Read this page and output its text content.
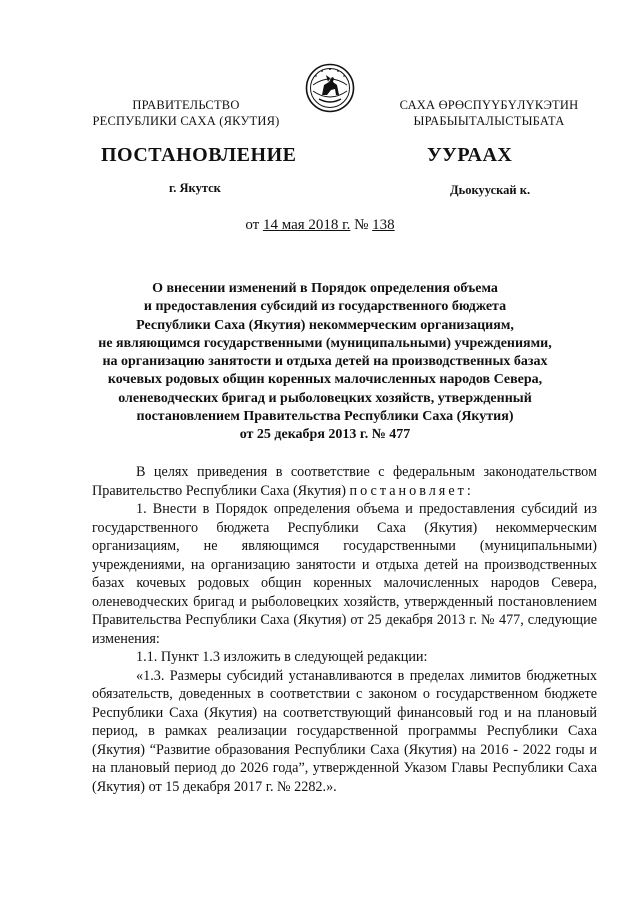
ПРАВИТЕЛЬСТВО
РЕСПУБЛИКИ САХА (ЯКУТИЯ)
САХА ӨРӨСПҮҮБҮЛҮКЭТИН
ЫРАБЫЫТАЛЫСТЫБАТА
ПОСТАНОВЛЕНИЕ	УУРААХ
г. Якутск	Дьокуускай к.
от 14 мая 2018 г. № 138
О внесении изменений в Порядок определения объема
и предоставления субсидий из государственного бюджета
Республики Саха (Якутия) некоммерческим организациям,
не являющимся государственными (муниципальными) учреждениями,
на организацию занятости и отдыха детей на производственных базах
кочевых родовых общин коренных малочисленных народов Севера,
оленеводческих бригад и рыболовецких хозяйств, утвержденный
постановлением Правительства Республики Саха (Якутия)
от 25 декабря 2013 г. № 477

В целях приведения в соответствие с федеральным законодательством Правительство Республики Саха (Якутия) постановляет:

1. Внести в Порядок определения объема и предоставления субсидий из государственного бюджета Республики Саха (Якутия) некоммерческим организациям, не являющимся государственными (муниципальными) учреждениями, на организацию занятости и отдыха детей на производственных базах кочевых родовых общин коренных малочисленных народов Севера, оленеводческих бригад и рыболовецких хозяйств, утвержденный постановлением Правительства Республики Саха (Якутия) от 25 декабря 2013 г. № 477, следующие изменения:

1.1. Пункт 1.3 изложить в следующей редакции:

«1.3. Размеры субсидий устанавливаются в пределах лимитов бюджетных обязательств, доведенных в соответствии с законом о государственном бюджете Республики Саха (Якутия) на соответствующий финансовый год и на плановый период, в рамках реализации государственной программы Республики Саха (Якутия) “Развитие образования Республики Саха (Якутия) на 2016 - 2022 годы и на плановый период до 2026 года”, утвержденной Указом Главы Республики Саха (Якутия) от 15 декабря 2017 г. № 2282.».
